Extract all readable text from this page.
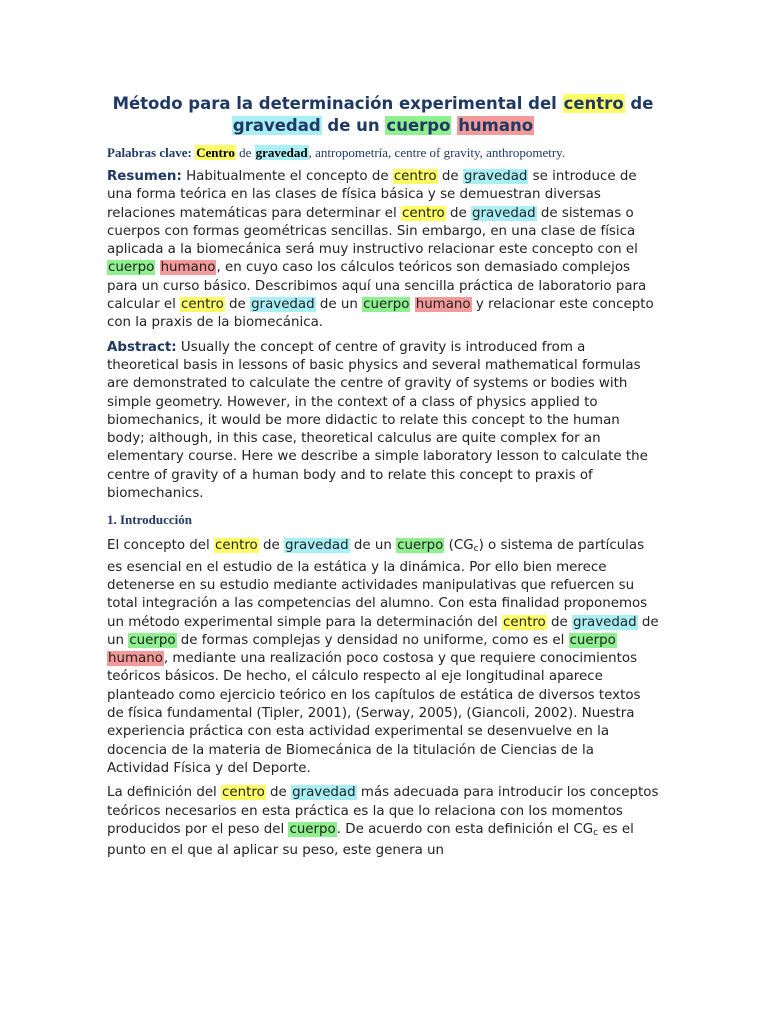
Método para la determinación experimental del centro de gravedad de un cuerpo humano

Palabras clave: Centro de gravedad, antropometría, centre of gravity, anthropometry.

Resumen: Habitualmente el concepto de centro de gravedad se introduce de una forma teórica en las clases de física básica y se demuestran diversas relaciones matemáticas para determinar el centro de gravedad de sistemas o cuerpos con formas geométricas sencillas. Sin embargo, en una clase de física aplicada a la biomecánica será muy instructivo relacionar este concepto con el cuerpo humano, en cuyo caso los cálculos teóricos son demasiado complejos para un curso básico. Describimos aquí una sencilla práctica de laboratorio para calcular el centro de gravedad de un cuerpo humano y relacionar este concepto con la praxis de la biomecánica.

Abstract: Usually the concept of centre of gravity is introduced from a theoretical basis in lessons of basic physics and several mathematical formulas are demonstrated to calculate the centre of gravity of systems or bodies with simple geometry. However, in the context of a class of physics applied to biomechanics, it would be more didactic to relate this concept to the human body; although, in this case, theoretical calculus are quite complex for an elementary course. Here we describe a simple laboratory lesson to calculate the centre of gravity of a human body and to relate this concept to praxis of biomechanics.

1. Introducción

El concepto del centro de gravedad de un cuerpo $(CG_c)$ o sistema de partículas es esencial en el estudio de la estática y la dinámica. Por ello bien merece detenerse en su estudio mediante actividades manipulativas que refuercen su total integración a las competencias del alumno. Con esta finalidad proponemos un método experimental simple para la determinación del centro de gravedad de un cuerpo de formas complejas y densidad no uniforme, como es el cuerpo humano, mediante una realización poco costosa y que requiere conocimientos teóricos básicos. De hecho, el cálculo respecto al eje longitudinal aparece planteado como ejercicio teórico en los capítulos de estática de diversos textos de física fundamental (Tipler, 2001), (Serway, 2005), (Giancoli, 2002). Nuestra experiencia práctica con esta actividad experimental se desenvuelve en la docencia de la materia de Biomecánica de la titulación de Ciencias de la Actividad Física y del Deporte.

La definición del centro de gravedad más adecuada para introducir los conceptos teóricos necesarios en esta práctica es la que lo relaciona con los momentos producidos por el peso del cuerpo. De acuerdo con esta definición el $CG_c$ es el punto en el que al aplicar su peso, este genera un
